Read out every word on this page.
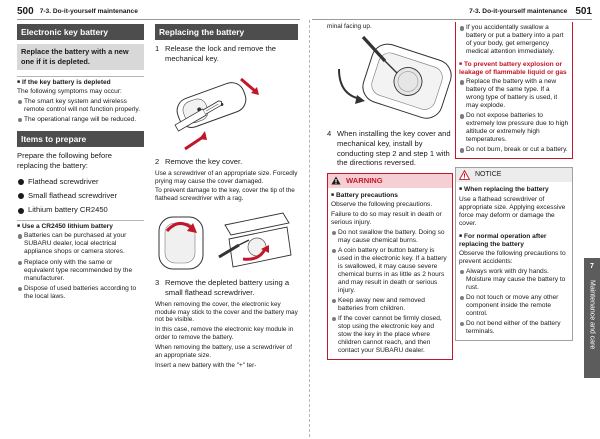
500 7-3. Do-it-yourself maintenance	7-3. Do-it-yourself maintenance 501
Electronic key battery
Replace the battery with a new one if it is depleted.
■ If the key battery is depleted
The following symptoms may occur:
The smart key system and wireless remote control will not function properly.
The operational range will be reduced.
Items to prepare
Prepare the following before replacing the battery:
Flathead screwdriver
Small flathead screwdriver
Lithium battery CR2450
■ Use a CR2450 lithium battery
Batteries can be purchased at your SUBARU dealer, local electrical appliance shops or camera stores.
Replace only with the same or equivalent type recommended by the manufacturer.
Dispose of used batteries according to the local laws.
Replacing the battery
1 Release the lock and remove the mechanical key.
2 Remove the key cover.
Use a screwdriver of an appropriate size. Forcedly prying may cause the cover damaged.
To prevent damage to the key, cover the tip of the flathead screwdriver with a rag.
3 Remove the depleted battery using a small flathead screwdriver.
When removing the cover, the electronic key module may stick to the cover and the battery may not be visible.
In this case, remove the electronic key module in order to remove the battery.
When removing the battery, use a screwdriver of an appropriate size.
Insert a new battery with the "+" ter-
minal facing up.
4 When installing the key cover and mechanical key, install by conducting step 2 and step 1 with the directions reversed.
WARNING
■ Battery precautions
Observe the following precautions.
Failure to do so may result in death or serious injury.
Do not swallow the battery. Doing so may cause chemical burns.
A coin battery or button battery is used in the electronic key. If a battery is swallowed, it may cause severe chemical burns in as little as 2 hours and may result in death or serious injury.
Keep away new and removed batteries from children.
If the cover cannot be firmly closed, stop using the electronic key and stow the key in the place where children cannot reach, and then contact your SUBARU dealer.
If you accidentally swallow a battery or put a battery into a part of your body, get emergency medical attention immediately.
■ To prevent battery explosion or leakage of flammable liquid or gas
Replace the battery with a new battery of the same type. If a wrong type of battery is used, it may explode.
Do not expose batteries to extremely low pressure due to high altitude or extremely high temperatures.
Do not burn, break or cut a battery.
NOTICE
■ When replacing the battery
Use a flathead screwdriver of appropriate size. Applying excessive force may deform or damage the cover.
■ For normal operation after replacing the battery
Observe the following precautions to prevent accidents:
Always work with dry hands. Moisture may cause the battery to rust.
Do not touch or move any other component inside the remote control.
Do not bend either of the battery terminals.
7
Maintenance and care
